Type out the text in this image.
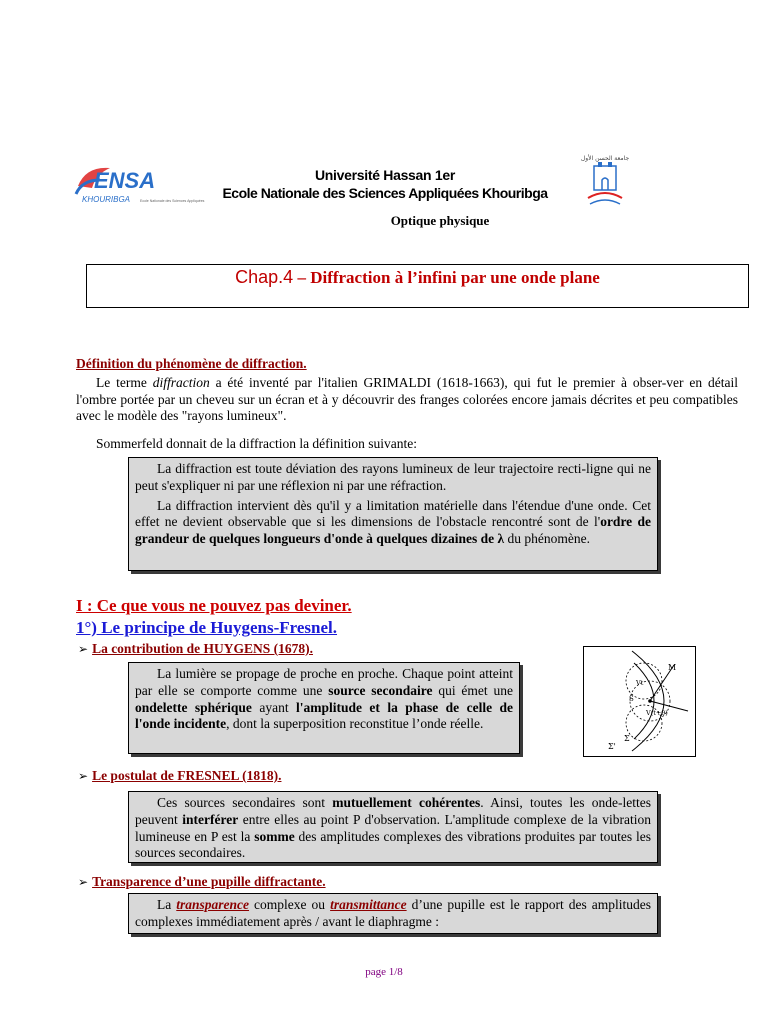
ENSA
KHOURIBGA	Ecole Nationale des Sciences Appliquées
جامعة الحسن الأول
Université Hassan 1er
Ecole Nationale des Sciences Appliquées Khouribga
Optique physique
Chap.4 – Diffraction à l’infini par une onde plane
Définition du phénomène de diffraction.
Le terme diffraction a été inventé par l'italien GRIMALDI (1618-1663), qui fut le premier à obser-ver en détail l'ombre portée par un cheveu sur un écran et à y découvrir des franges colorées encore jamais décrites et peu compatibles avec le modèle des "rayons lumineux".
Sommerfeld donnait de la diffraction la définition suivante:

La diffraction est toute déviation des rayons lumineux de leur trajectoire recti-ligne qui ne peut s'expliquer ni par une réflexion ni par une réfraction.

La diffraction intervient dès qu'il y a limitation matérielle dans l'étendue d'une onde. Cet effet ne devient observable que si les dimensions de l'obstacle rencontré sont de l'ordre de grandeur de quelques longueurs d'onde à quelques dizaines de λ du phénomène.

I : Ce que vous ne pouvez pas deviner.
1°) Le principe de Huygens-Fresnel.
➢ La contribution de HUYGENS (1678).
La lumière se propage de proche en proche. Chaque point atteint par elle se comporte comme une source secondaire qui émet une ondelette sphérique ayant l'amplitude et la phase de celle de l'onde incidente, dont la superposition reconstitue l’onde réelle.
M
Vt
S
V(t+θ)
Σ
Σ'
➢ Le postulat de FRESNEL (1818).
Ces sources secondaires sont mutuellement cohérentes. Ainsi, toutes les onde-lettes peuvent interférer entre elles au point P d'observation. L'amplitude complexe de la vibration lumineuse en P est la somme des amplitudes complexes des vibrations produites par toutes les sources secondaires.
➢ Transparence d’une pupille diffractante.
La transparence complexe ou transmittance d’une pupille est le rapport des amplitudes complexes immédiatement après / avant le diaphragme :
page 1/8
